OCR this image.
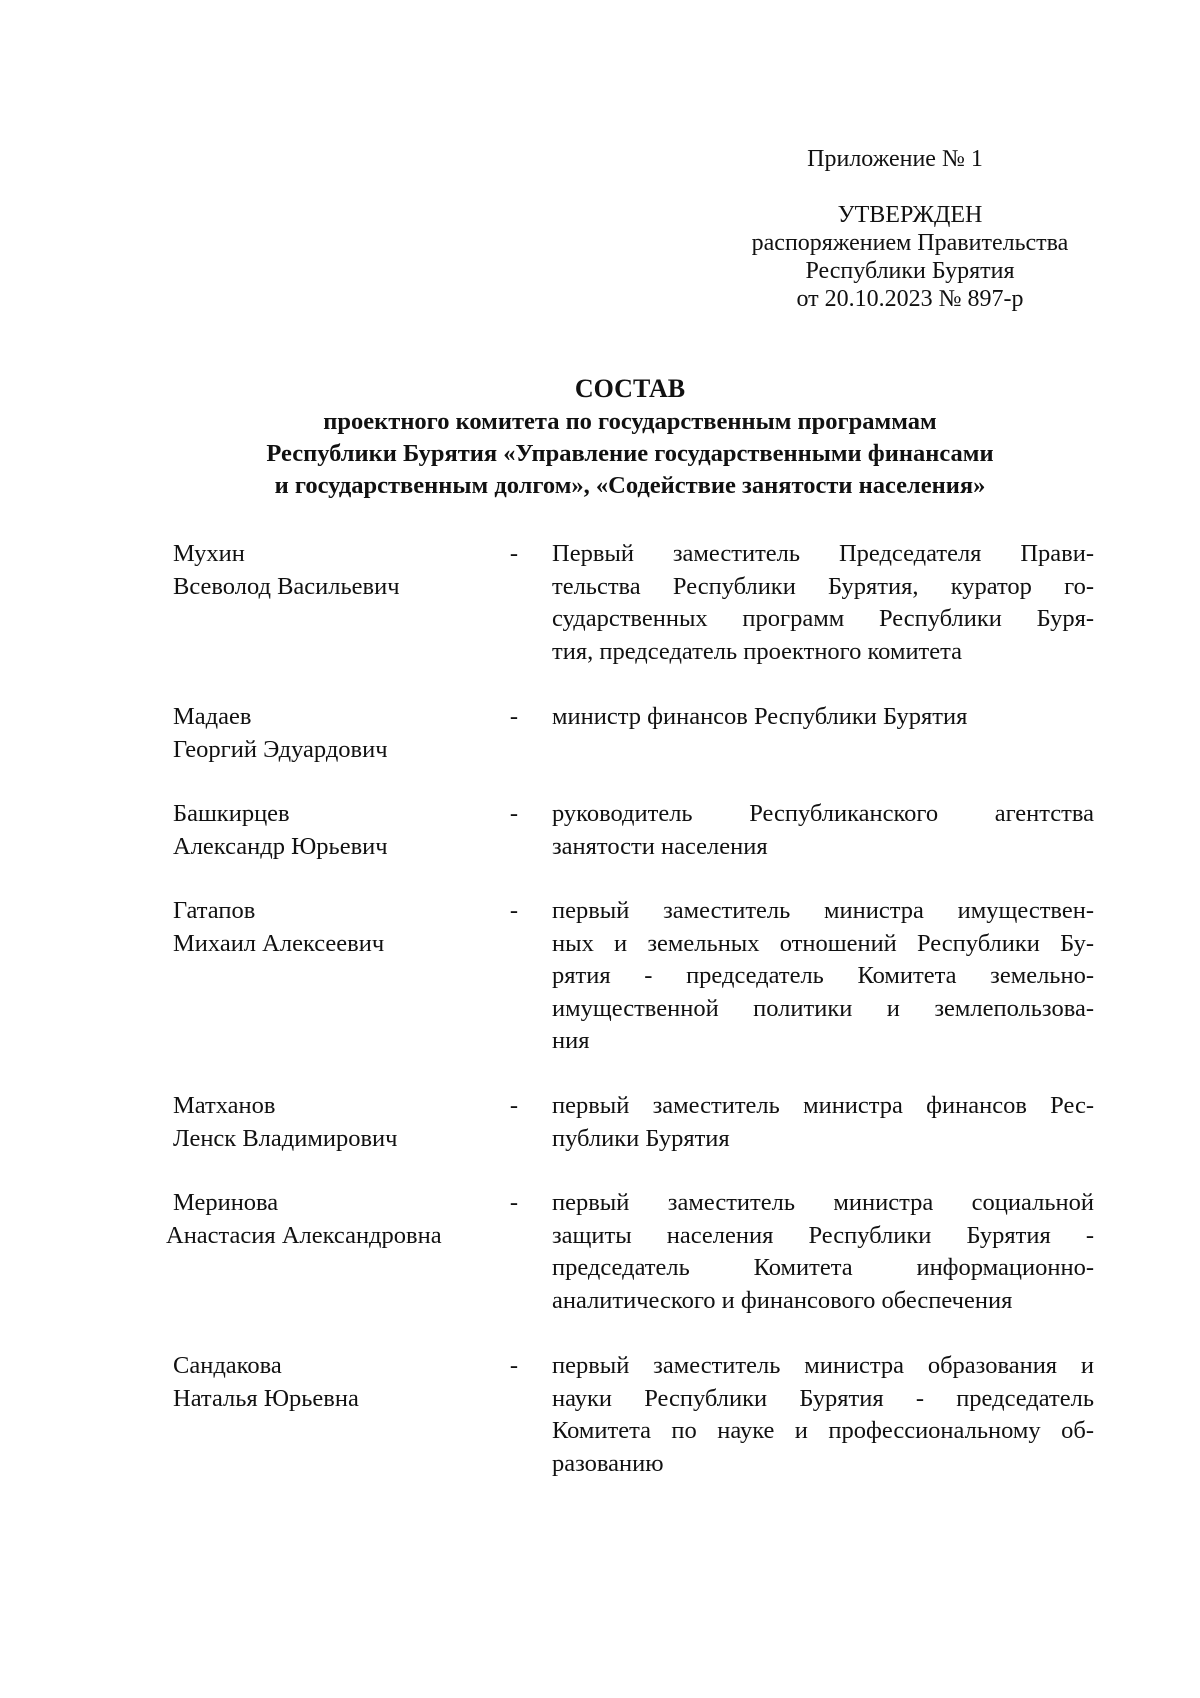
Приложение № 1
УТВЕРЖДЕН
распоряжением Правительства
Республики Бурятия
от 20.10.2023 № 897-р
СОСТАВ
проектного комитета по государственным программам
Республики Бурятия «Управление государственными финансами
и государственным долгом», «Содействие занятости населения»
Мухин
Всеволод Васильевич
- Первый заместитель Председателя Прави-
тельства Республики Бурятия, куратор го-
сударственных программ Республики Буря-
тия, председатель проектного комитета
Мадаев
Георгий Эдуардович
- министр финансов Республики Бурятия
Башкирцев
Александр Юрьевич
- руководитель Республиканского агентства
занятости населения
Гатапов
Михаил Алексеевич
- первый заместитель министра имуществен-
ных и земельных отношений Республики Бу-
рятия - председатель Комитета земельно-
имущественной политики и землепользова-
ния
Матханов
Ленск Владимирович
- первый заместитель министра финансов Рес-
публики Бурятия
Меринова
Анастасия Александровна
- первый заместитель министра социальной
защиты населения Республики Бурятия -
председатель Комитета информационно-
аналитического и финансового обеспечения
Сандакова
Наталья Юрьевна
- первый заместитель министра образования и
науки Республики Бурятия - председатель
Комитета по науке и профессиональному об-
разованию
